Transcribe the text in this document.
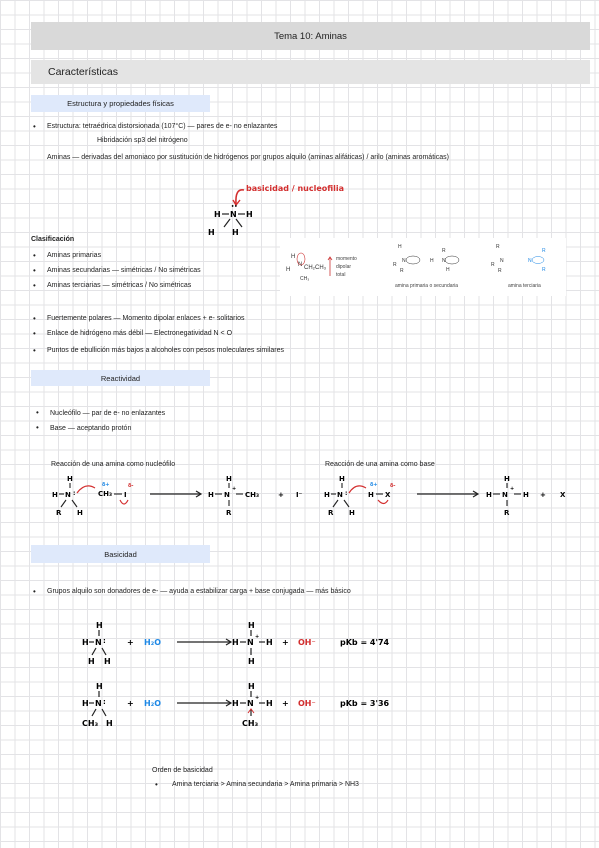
Tema 10: Aminas
Características
Estructura y propiedades físicas
• Estructura: tetraédrica distorsionada (107°C) — pares de e- no enlazantes
Hibridación sp3 del nitrógeno
Aminas — derivadas del amoniaco por sustitución de hidrógenos por grupos alquilo (aminas alifáticas) / arilo (aminas aromáticas)
basicidad / nucleofilia
••
N
H	H
H H
Clasificación
• Aminas primarias
• Aminas secundarias — simétricas / No simétricas
• Aminas terciarias — simétricas / No simétricas
H
N
H CH₂CH₃
CH₃
momento
dipolar
total
H
N
R
R
H N
R
H
amina primaria o secundaria
R
N
R
R
N
R
R
amina terciaria
• Fuertemente polares — Momento dipolar enlaces + e- solitarios
• Enlace de hidrógeno más débil — Electronegatividad N < O
• Puntos de ebullición más bajos a alcoholes con pesos moleculares similares
Reactividad
• Nucleófilo — par de e- no enlazantes
• Base — aceptando protón
Reacción de una amina como nucleófilo	Reacción de una amina como base
H
H N :
R H
CH₃
δ+
I
δ-
H
H N
+
CH₃
R
+ I⁻
H
H N :
R H
δ+
H X
δ-
H
H N
+
H
R
+ X
Basicidad
• Grupos alquilo son donadores de e- — ayuda a estabilizar carga + base conjugada — más básico
H
H N :
H H
+ H₂O
H
H N
+
H
H
+ OH⁻	pKb = 4'74
H
H N :
CH₃ H
+ H₂O
H
H N
+
H
CH₃
+ OH⁻	pKb = 3'36
Orden de basicidad
• Amina terciaria > Amina secundaria > Amina primaria > NH3
